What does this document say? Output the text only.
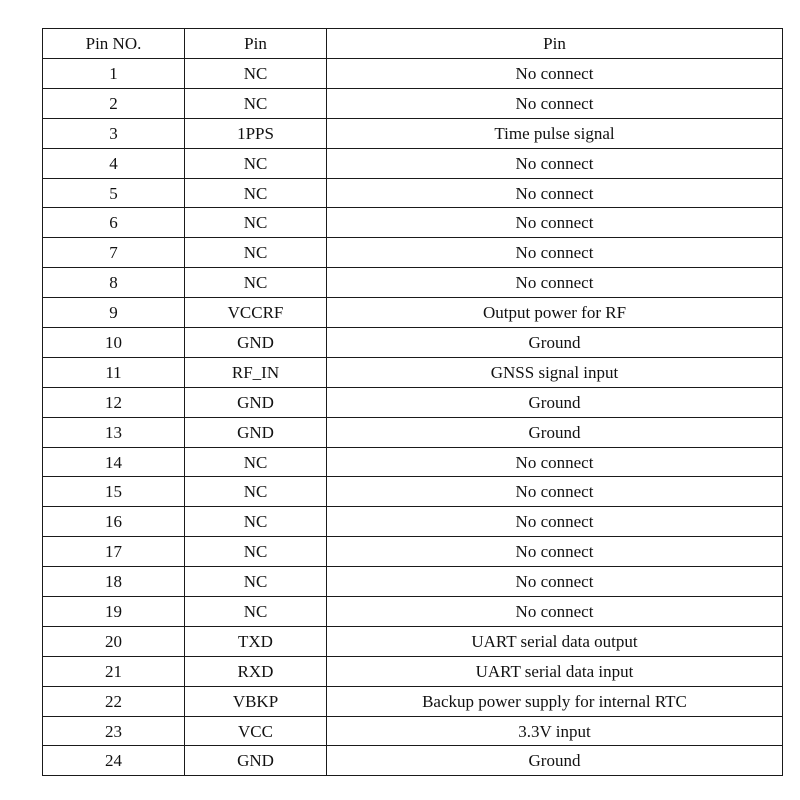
Pin NO.	Pin	Pin
1	NC	No connect
2	NC	No connect
3	1PPS	Time pulse signal
4	NC	No connect
5	NC	No connect
6	NC	No connect
7	NC	No connect
8	NC	No connect
9	VCCRF	Output power for RF
10	GND	Ground
11	RF_IN	GNSS signal input
12	GND	Ground
13	GND	Ground
14	NC	No connect
15	NC	No connect
16	NC	No connect
17	NC	No connect
18	NC	No connect
19	NC	No connect
20	TXD	UART serial data output
21	RXD	UART serial data input
22	VBKP	Backup power supply for internal RTC
23	VCC	3.3V input
24	GND	Ground
